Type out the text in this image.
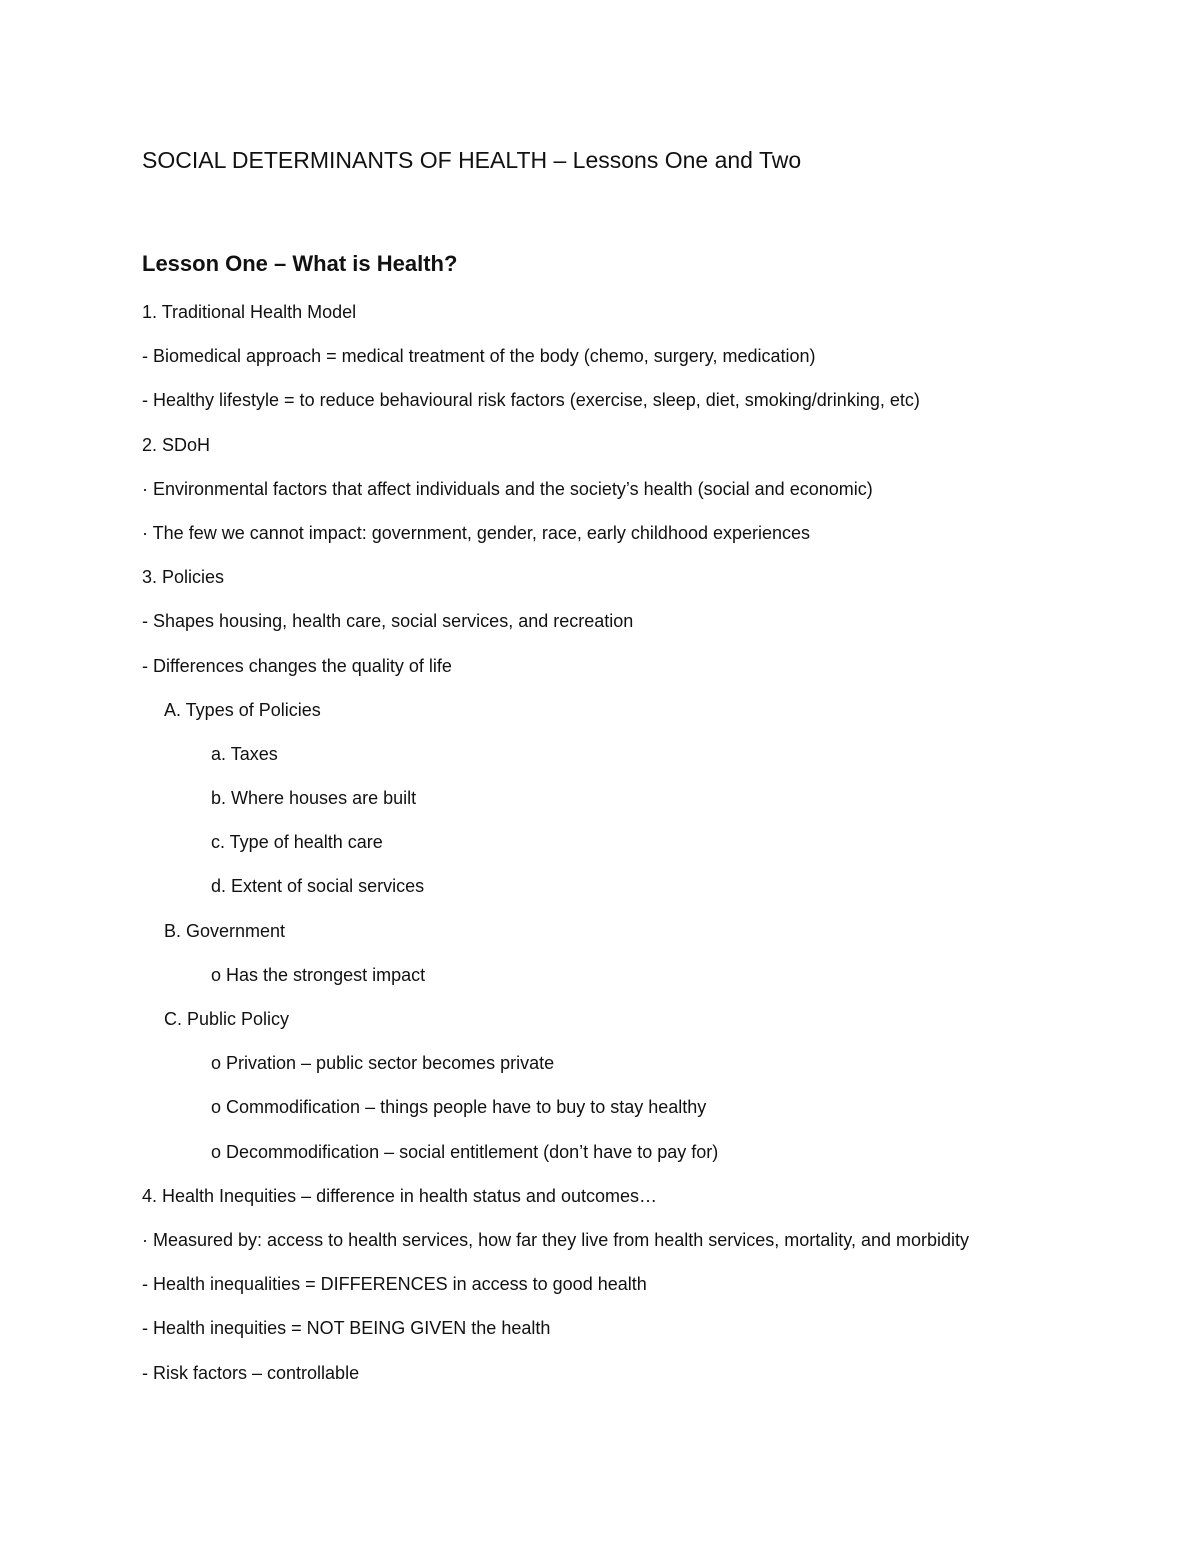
SOCIAL DETERMINANTS OF HEALTH – Lessons One and Two
Lesson One – What is Health?
1. Traditional Health Model
- Biomedical approach = medical treatment of the body (chemo, surgery, medication)
- Healthy lifestyle = to reduce behavioural risk factors (exercise, sleep, diet, smoking/drinking, etc)
2. SDoH
· Environmental factors that affect individuals and the society’s health (social and economic)
· The few we cannot impact: government, gender, race, early childhood experiences
3. Policies
- Shapes housing, health care, social services, and recreation
- Differences changes the quality of life
A. Types of Policies
a. Taxes
b. Where houses are built
c. Type of health care
d. Extent of social services
B. Government
o Has the strongest impact
C. Public Policy
o Privation – public sector becomes private
o Commodification – things people have to buy to stay healthy
o Decommodification – social entitlement (don’t have to pay for)
4. Health Inequities – difference in health status and outcomes…
· Measured by: access to health services, how far they live from health services, mortality, and morbidity
- Health inequalities = DIFFERENCES in access to good health
- Health inequities = NOT BEING GIVEN the health
- Risk factors – controllable
